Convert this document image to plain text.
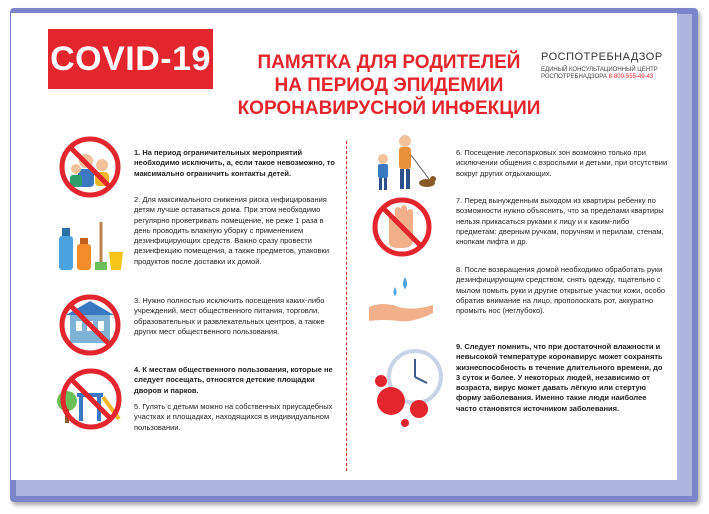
COVID-19	ПАМЯТКА ДЛЯ РОДИТЕЛЕЙ
НА ПЕРИОД ЭПИДЕМИИ
КОРОНАВИРУСНОЙ ИНФЕКЦИИ
РОСПОТРЕБНАДЗОР
ЕДИНЫЙ КОНСУЛЬТАЦИОННЫЙ ЦЕНТР
РОСПОТРЕБНАДЗОРА 8-800-555-49-43
1. На период ограничительных мероприятий необходимо исключить, а, если такое невозможно, то максимально ограничить контакты детей.
2. Для максимального снижения риска инфицирования детям лучше оставаться дома. При этом необходимо регулярно проветривать помещение, не реже 1 раза в день проводить влажную уборку с применением дезинфицирующих средств. Важно сразу провести дезинфекцию помещения, а также предметов, упаковки продуктов после доставки их домой.
3. Нужно полностью исключить посещения каких-либо учреждений, мест общественного питания, торговли, образовательных и развлекательных центров, а также других мест общественного пользования.
4. К местам общественного пользования, которые не следует посещать, относятся детские площадки дворов и парков.
5. Гулять с детьми можно на собственных приусадебных участках и площадках, находящихся в индивидуальном пользовании.
6. Посещение лесопарковых зон возможно только при исключении общения с взрослыми и детьми, при отсутствии вокруг других отдыхающих.
7. Перед вынужденным выходом из квартиры ребенку по возможности нужно объяснить, что за пределами квартиры нельзя прикасаться руками к лицу и к каким-либо предметам: дверным ручкам, поручням и перилам, стенам, кнопкам лифта и др.
8. После возвращения домой необходимо обработать руки дезинфицирующим средством, снять одежду, тщательно с мылом помыть руки и другие открытые участки кожи, особо обратив внимание на лицо, прополоскать рот, аккуратно промыть нос (неглубоко).
9. Следует помнить, что при достаточной влажности и невысокой температуре коронавирус может сохранять жизнеспособность в течение длительного времени, до 3 суток и более. У некоторых людей, независимо от возраста, вирус может давать лёгкую или стертую форму заболевания. Именно такие люди наиболее часто становятся источником заболевания.
